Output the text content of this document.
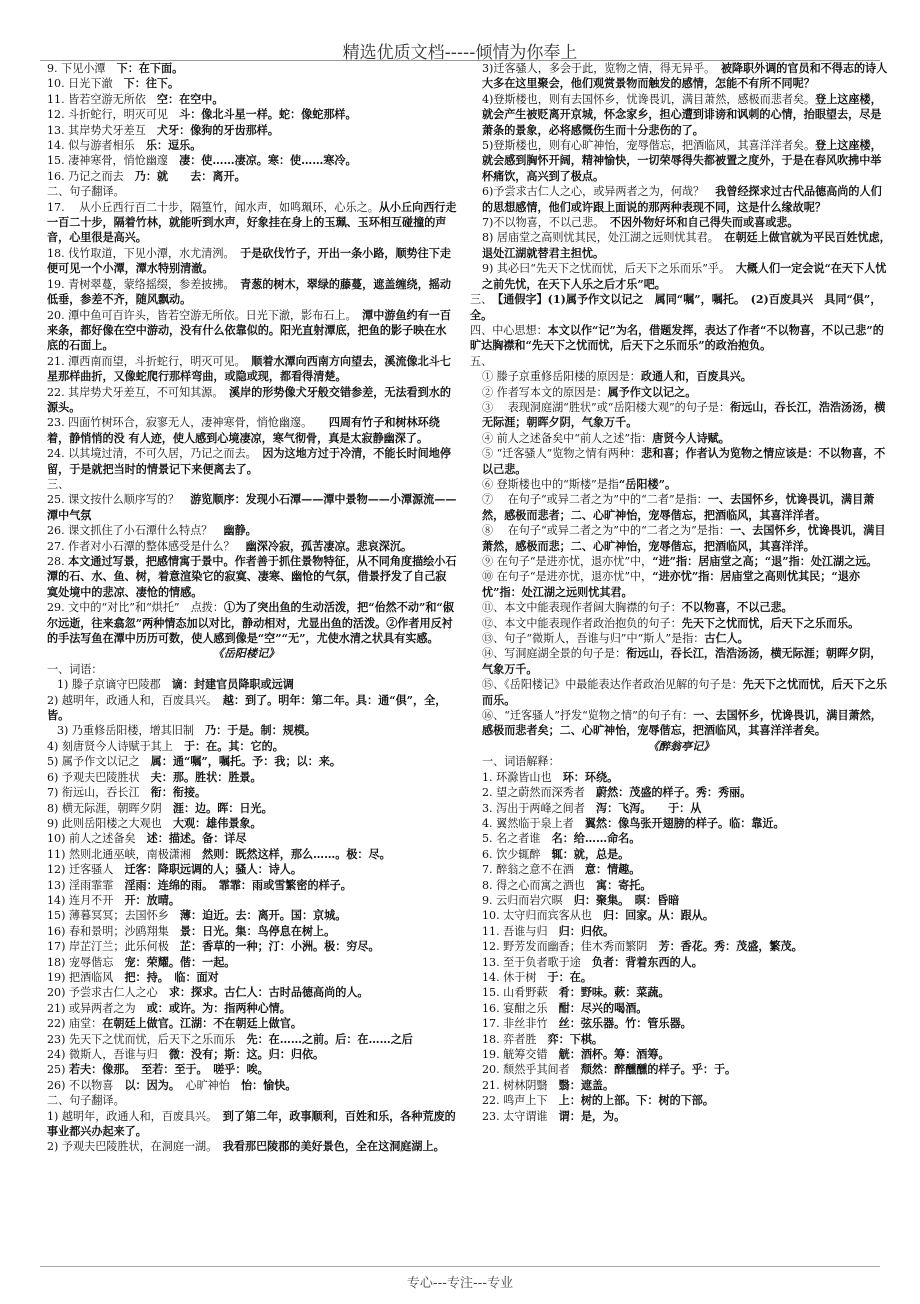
精选优质文档-----倾情为你奉上
9. 下见小潭　下：在下面。
10. 日光下澈　下：往下。
11. 皆若空游无所依　空：在空中。
12. 斗折蛇行，明灭可见　斗：像北斗星一样。蛇：像蛇那样。
13. 其岸势犬牙差互　犬牙：像狗的牙齿那样。
14. 似与游者相乐　乐：逗乐。
15. 凄神寒骨，悄怆幽邃　凄：使……凄凉。寒：使……寒冷。
16. 乃记之而去　乃：就　　去：离开。
二、句子翻译。
17. 　从小丘西行百二十步，隔篁竹，闻水声，如鸣珮环，心乐之。从小丘向西行走一百二十步，隔着竹林，就能听到水声，好象挂在身上的玉珮、玉环相互碰撞的声音，心里很是高兴。
18. 伐竹取道，下见小潭，水尤清洌。　于是砍伐竹子，开出一条小路，顺势往下走便可见一个小潭，潭水特别清澈。
19. 青树翠蔓，蒙络摇缀，参差披拂。　青葱的树木，翠绿的藤蔓，遮盖缠绕，摇动低垂，参差不齐，随风飘动。
20. 潭中鱼可百许头，皆若空游无所依。日光下澈，影布石上。　潭中游鱼约有一百来条，都好像在空中游动，没有什么依靠似的。阳光直射潭底，把鱼的影子映在水底的石面上。
21. 潭西南而望，斗折蛇行，明灭可见。　顺着水潭向西南方向望去，溪流像北斗七星那样曲折，又像蛇爬行那样弯曲，或隐或现，都看得清楚。
22. 其岸势犬牙差互，不可知其源。　溪岸的形势像犬牙般交错参差，无法看到水的源头。
23. 四面竹树环合，寂寥无人，凄神寒骨，悄怆幽邃。　　四周有竹子和树林环绕着，静悄悄的没 有人迹，使人感到心境凄凉，寒气彻骨，真是太寂静幽深了。
24. 以其境过清，不可久居，乃记之而去。　因为这地方过于冷清，不能长时间地停留，于是就把当时的情景记下来便离去了。
三、
25. 课文按什么顺序写的？　游览顺序：发现小石潭——潭中景物——小潭源流——潭中气氛
26. 课文抓住了小石潭什么特点？　幽静。
27. 作者对小石潭的整体感受是什么？　幽深冷寂，孤苦凄凉。悲哀深沉。
28. 本文通过写景，把感情寓于景中。作者善于抓住景物特征，从不同角度描绘小石潭的石、水、鱼、树，着意渲染它的寂寞、凄寒、幽怆的气氛，借景抒发了自己寂寞处境中的悲凉、凄怆的情感。
29. 文中的“对比”和“烘托”　点拨：①为了突出鱼的生动活泼，把“佁然不动”和“俶尔远逝，往来翕忽”两种情态加以对比，静动相对，尤显出鱼的活泼。②作者用反衬的手法写鱼在潭中历历可数，使人感到像是“空”“无”，尤使水清之状具有实感。
《岳阳楼记》
一、词语：
1) 滕子京谪守巴陵郡　谪：封建官员降职或远调
2) 越明年，政通人和，百废具兴。　越：到了。明年：第二年。具：通“俱”，全，皆。
3) 乃重修岳阳楼，增其旧制　乃：于是。制：规模。
4) 刻唐贤今人诗赋于其上　于：在。其：它的。
5) 属予作文以记之　属：通“嘱”，嘱托。予：我；以：来。
6) 予观夫巴陵胜状　夫：那。胜状：胜景。
7) 衔远山，吞长江　衔：衔接。
8) 横无际涯，朝晖夕阴　涯：边。晖：日光。
9) 此则岳阳楼之大观也　大观：雄伟景象。
10) 前人之述备矣　述：描述。备：详尽
11) 然则北通巫峡，南极潇湘　然则：既然这样，那么……。极：尽。
12) 迁客骚人　迁客：降职远调的人；骚人：诗人。
13) 淫雨霏霏　淫雨：连绵的雨。　霏霏：雨或雪繁密的样子。
14) 连月不开　开：放晴。
15) 薄暮冥冥；去国怀乡　薄：迫近。去：离开。国：京城。
16) 春和景明；沙鸥翔集　景：日光。集：鸟停息在树上。
17) 岸芷汀兰；此乐何极　芷：香草的一种；汀：小洲。极：穷尽。
18) 宠辱偕忘　宠：荣耀。偕：一起。
19) 把酒临风　把：持。　临：面对
20) 予尝求古仁人之心　求：探求。古仁人：古时品德高尚的人。
21) 或异两者之为　或：或许。为：指两种心情。
22) 庙堂：在朝廷上做官。江湖：不在朝廷上做官。
23) 先天下之忧而忧，后天下之乐而乐　先：在……之前。后：在……之后
24) 微斯人，吾谁与归　微：没有；斯：这。归：归依。
25) 若夫：像那。　至若：至于。　嗟乎：唉。
26) 不以物喜　以：因为。　心旷神怡　怡：愉快。
二、句子翻译。
1) 越明年，政通人和，百废具兴。　到了第二年，政事顺利，百姓和乐，各种荒废的事业都兴办起来了。
2) 予观夫巴陵胜状，在洞庭一湖。　我看那巴陵郡的美好景色，全在这洞庭湖上。
3)迁客骚人，多会于此，览物之情，得无异乎。　被降职外调的官员和不得志的诗人大多在这里聚会，他们观赏景物而触发的感情，怎能不有所不同呢？
4)登斯楼也，则有去国怀乡，忧谗畏讥，满目萧然，感极而悲者矣。登上这座楼，就会产生被贬离开京城，怀念家乡，担心遭到诽谤和讽刺的心情，抬眼望去，尽是萧条的景象，必将感慨伤生而十分悲伤的了。
5)登斯楼也，则有心旷神怡，宠辱偕忘，把酒临风，其喜洋洋者矣。登上这座楼，就会感到胸怀开阔，精神愉快，一切荣辱得失都被置之度外，于是在春风吹拂中举杯痛饮，高兴到了极点。
6)予尝求古仁人之心，或异两者之为，何哉？　我曾经探求过古代品德高尚的人们的思想感情，他们或许跟上面说的那两种表现不同，这是什么缘故呢？
7)不以物喜，不以己悲。　不因外物好坏和自己得失而或喜或悲。
8) 居庙堂之高则忧其民，处江湖之远则忧其君。　在朝廷上做官就为平民百姓忧虑，退处江湖就替君主担忧。
9) 其必曰“先天下之忧而忧，后天下之乐而乐”乎。　大概人们一定会说“在天下人忧之前先忧，在天下人乐之后才乐”吧。
三、　【通假字】(1)属予作文以记之　属同“嘱”，嘱托。　(2)百废具兴　具同“俱”，全。
四、中心思想：本文以作“记”为名，借题发挥，表达了作者“不以物喜，不以己悲”的旷达胸襟和“先天下之忧而忧，后天下之乐而乐”的政治抱负。
五、
① 滕子京重修岳阳楼的原因是：政通人和，百废具兴。
② 作者写本文的原因是：属予作文以记之。
③ 　表现洞庭湖“胜状”或“岳阳楼大观”的句子是：衔远山，吞长江，浩浩汤汤，横无际涯；朝晖夕阴，气象万千。
④ 前人之述备矣中“前人之述”指：唐贤今人诗赋。
⑤ “迁客骚人”览物之情有两种：悲和喜；作者认为览物之情应该是：不以物喜，不以己悲。
⑥ 登斯楼也中的“斯楼”是指“岳阳楼”。
⑦ 　在句子“或异二者之为”中的“二者”是指：一、去国怀乡，忧谗畏讥，满目萧然，感极而悲者；二、心旷神怡，宠辱偕忘，把酒临风，其喜洋洋者。
⑧ 　在句子“或异二者之为”中的“二者之为”是指：一、去国怀乡，忧谗畏讥，满目萧然，感极而悲；二、心旷神怡，宠辱偕忘，把酒临风，其喜洋洋。
⑨ 在句子“是进亦忧，退亦忧”中，“进”指：居庙堂之高；“退”指：处江湖之远。
⑩ 在句子“是进亦忧，退亦忧”中，“进亦忧”指：居庙堂之高则忧其民；“退亦忧”指：处江湖之远则忧其君。
⑪、本文中能表现作者阔大胸襟的句子：不以物喜，不以己悲。
⑫、本文中能表现作者政治抱负的句子：先天下之忧而忧，后天下之乐而乐。
⑬、句子“微斯人，吾谁与归”中“斯人”是指：古仁人。
⑭、写洞庭湖全景的句子是：衔远山，吞长江，浩浩汤汤，横无际涯；朝晖夕阴，气象万千。
⑮、《岳阳楼记》中最能表达作者政治见解的句子是：先天下之忧而忧，后天下之乐而乐。
⑯、“迁客骚人”抒发“览物之情”的句子有：一、去国怀乡，忧谗畏讥，满目萧然，感极而悲者矣；二、心旷神怡，宠辱偕忘，把酒临风，其喜洋洋者矣。
《醉翁亭记》
一、词语解释：
1. 环滁皆山也　环：环绕。
2. 望之蔚然而深秀者　蔚然：茂盛的样子。秀：秀丽。
3. 泻出于两峰之间者　泻：飞泻。　　于：从
4. 翼然临于泉上者　翼然：像鸟张开翅膀的样子。临：靠近。
5. 名之者谁　名：给……命名。
6. 饮少辄醉　辄：就，总是。
7. 醉翁之意不在酒　意：情趣。
8. 得之心而寓之酒也　寓：寄托。
9. 云归而岩穴暝　归：聚集。　暝：昏暗
10. 太守归而宾客从也　归：回家。从：跟从。
11. 吾谁与归　归：归依。
12. 野芳发而幽香；佳木秀而繁阴　芳：香花。秀：茂盛，繁茂。
13. 至于负者歌于途　负者：背着东西的人。
14. 休于树　于：在。
15. 山肴野蔌　肴：野味。蔌：菜蔬。
16. 宴酣之乐　酣：尽兴的喝酒。
17. 非丝非竹　丝：弦乐器。竹：管乐器。
18. 弈者胜　弈：下棋。
19. 觥筹交错　觥：酒杯。筹：酒筹。
20. 颓然乎其间者　颓然：醉醺醺的样子。乎：于。
21. 树林阴翳　翳：遮盖。
22. 鸣声上下　上：树的上部。下：树的下部。
23. 太守谓谁　谓：是，为。
专心---专注---专业
